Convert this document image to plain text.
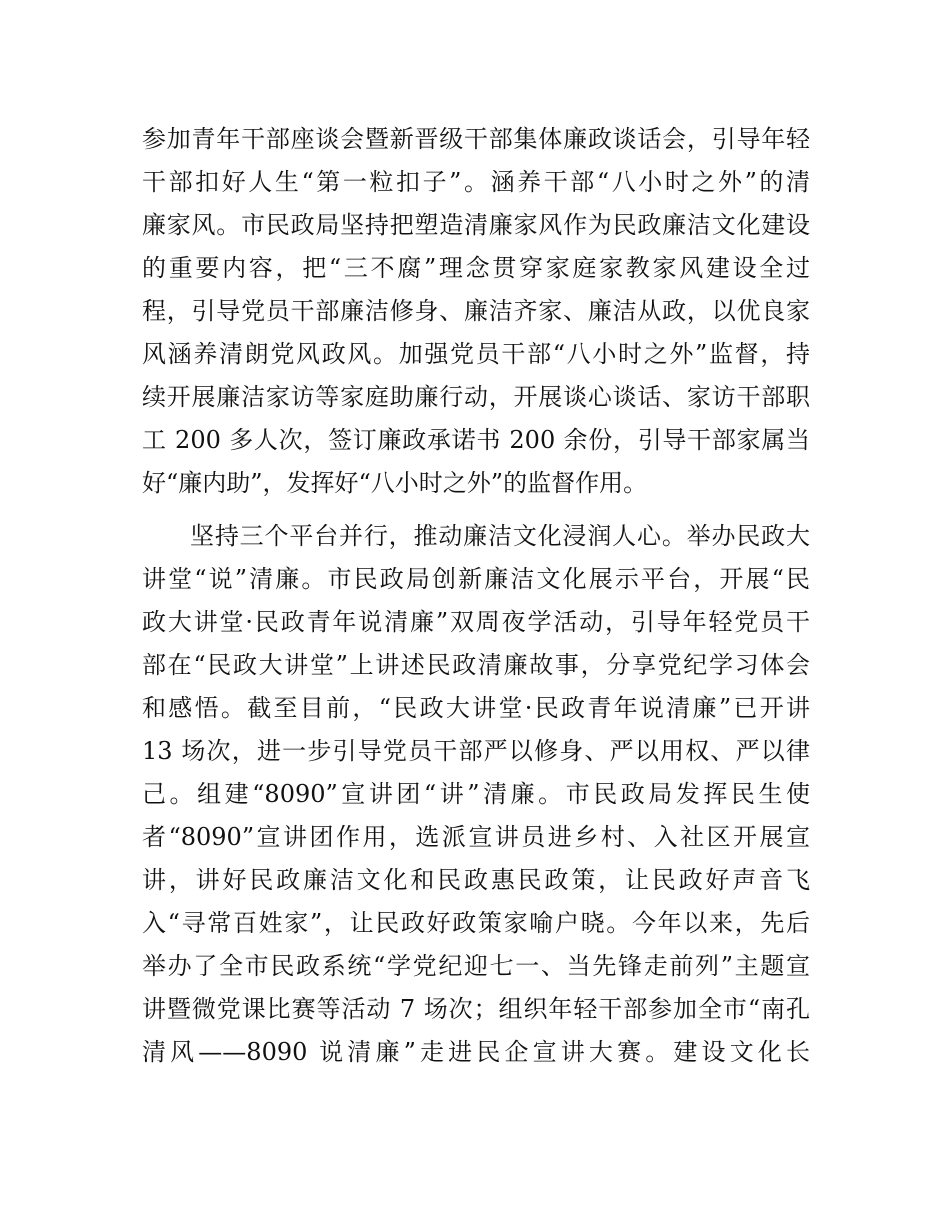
参加青年干部座谈会暨新晋级干部集体廉政谈话会，引导年轻
干部扣好人生“第一粒扣子”。涵养干部“八小时之外”的清
廉家风。市民政局坚持把塑造清廉家风作为民政廉洁文化建设
的重要内容，把“三不腐”理念贯穿家庭家教家风建设全过
程，引导党员干部廉洁修身、廉洁齐家、廉洁从政，以优良家
风涵养清朗党风政风。加强党员干部“八小时之外”监督，持
续开展廉洁家访等家庭助廉行动，开展谈心谈话、家访干部职
工 200 多人次，签订廉政承诺书 200 余份，引导干部家属当
好“廉内助”，发挥好“八小时之外”的监督作用。
坚持三个平台并行，推动廉洁文化浸润人心。举办民政大
讲堂“说”清廉。市民政局创新廉洁文化展示平台，开展“民
政大讲堂·民政青年说清廉”双周夜学活动，引导年轻党员干
部在“民政大讲堂”上讲述民政清廉故事，分享党纪学习体会
和感悟。截至目前，“民政大讲堂·民政青年说清廉”已开讲
13 场次，进一步引导党员干部严以修身、严以用权、严以律
己。组建“8090”宣讲团“讲”清廉。市民政局发挥民生使
者“8090”宣讲团作用，选派宣讲员进乡村、入社区开展宣
讲，讲好民政廉洁文化和民政惠民政策，让民政好声音飞
入“寻常百姓家”，让民政好政策家喻户晓。今年以来，先后
举办了全市民政系统“学党纪迎七一、当先锋走前列”主题宣
讲暨微党课比赛等活动 7 场次；组织年轻干部参加全市“南孔
清风——8090 说清廉”走进民企宣讲大赛。建设文化长
